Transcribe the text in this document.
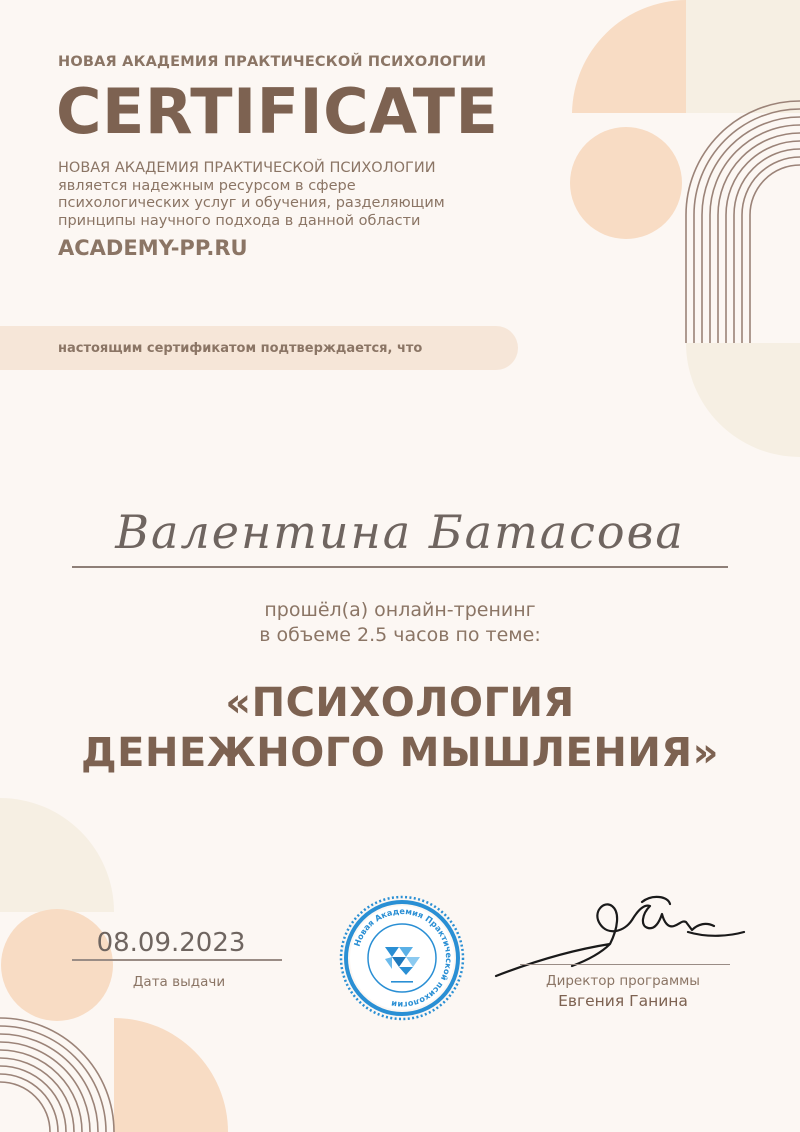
НОВАЯ АКАДЕМИЯ ПРАКТИЧЕСКОЙ ПСИХОЛОГИИ
CERTIFICATE
НОВАЯ АКАДЕМИЯ ПРАКТИЧЕСКОЙ ПСИХОЛОГИИ
является надежным ресурсом в сфере
психологических услуг и обучения, разделяющим
принципы научного подхода в данной области
ACADEMY-PP.RU
настоящим сертификатом подтверждается, что
Валентина Батасова
прошёл(а) онлайн-тренинг
в объеме 2.5 часов по теме:
«ПСИХОЛОГИЯ
ДЕНЕЖНОГО МЫШЛЕНИЯ»
08.09.2023
Дата выдачи
Новая Академия Практической психологии
Директор программы
Евгения Ганина
